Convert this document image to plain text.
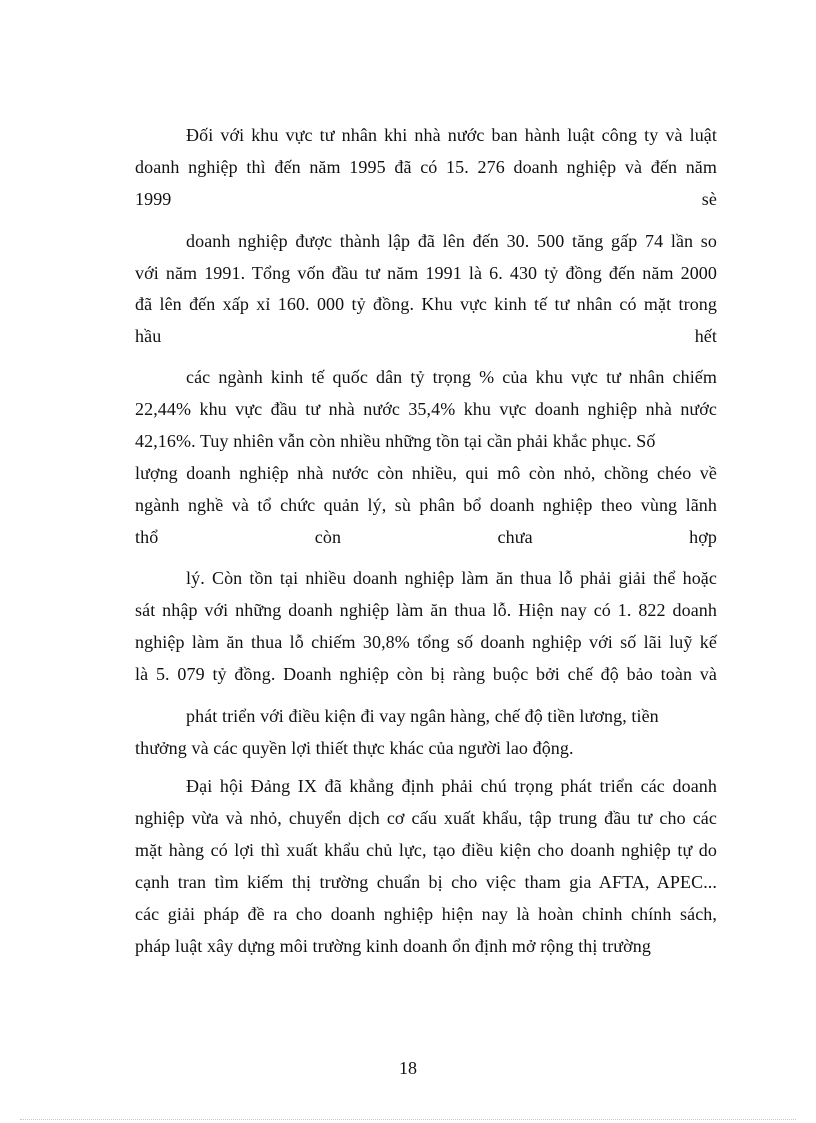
Đối với khu vực tư nhân khi nhà nước ban hành luật công ty và luật
doanh nghiệp thì đến năm 1995 đã có 15. 276 doanh nghiệp và đến năm
1999	sè
doanh nghiệp được thành lập đã lên đến 30. 500 tăng gấp 74 lần so
với năm 1991. Tổng vốn đầu tư năm 1991 là 6. 430 tỷ đồng đến năm 2000
đã lên đến xấp xỉ 160. 000 tỷ đồng. Khu vực kinh tế tư nhân có mặt trong
hầu	hết
các ngành kinh tế quốc dân tỷ trọng % của khu vực tư nhân chiếm
22,44% khu vực đầu tư nhà nước 35,4% khu vực doanh nghiệp nhà nước
42,16%. Tuy nhiên vẫn còn nhiều những tồn tại cần phải khắc phục. Số
lượng doanh nghiệp nhà nước còn nhiều, qui mô còn nhỏ, chồng chéo về
ngành nghề và tổ chức quản lý, sù phân bổ doanh nghiệp theo vùng lãnh
thổ	còn	chưa	hợp
lý. Còn tồn tại nhiều doanh nghiệp làm ăn thua lỗ phải giải thể hoặc
sát nhập với những doanh nghiệp làm ăn thua lỗ. Hiện nay có 1. 822 doanh
nghiệp làm ăn thua lỗ chiếm 30,8% tổng số doanh nghiệp với số lãi luỹ kế
là 5. 079 tỷ đồng. Doanh nghiệp còn bị ràng buộc bởi chế độ bảo toàn và
phát triển với điều kiện đi vay ngân hàng, chế độ tiền lương, tiền
thưởng và các quyền lợi thiết thực khác của người lao động.
Đại hội Đảng IX đã khẳng định phải chú trọng phát triển các doanh
nghiệp vừa và nhỏ, chuyển dịch cơ cấu xuất khẩu, tập trung đầu tư cho các
mặt hàng có lợi thì xuất khẩu chủ lực, tạo điều kiện cho doanh nghiệp tự do
cạnh tran tìm kiếm thị trường chuẩn bị cho việc tham gia AFTA, APEC...
các giải pháp đề ra cho doanh nghiệp hiện nay là hoàn chỉnh chính sách,
pháp luật xây dựng môi trường kinh doanh ổn định mở rộng thị trường
18
